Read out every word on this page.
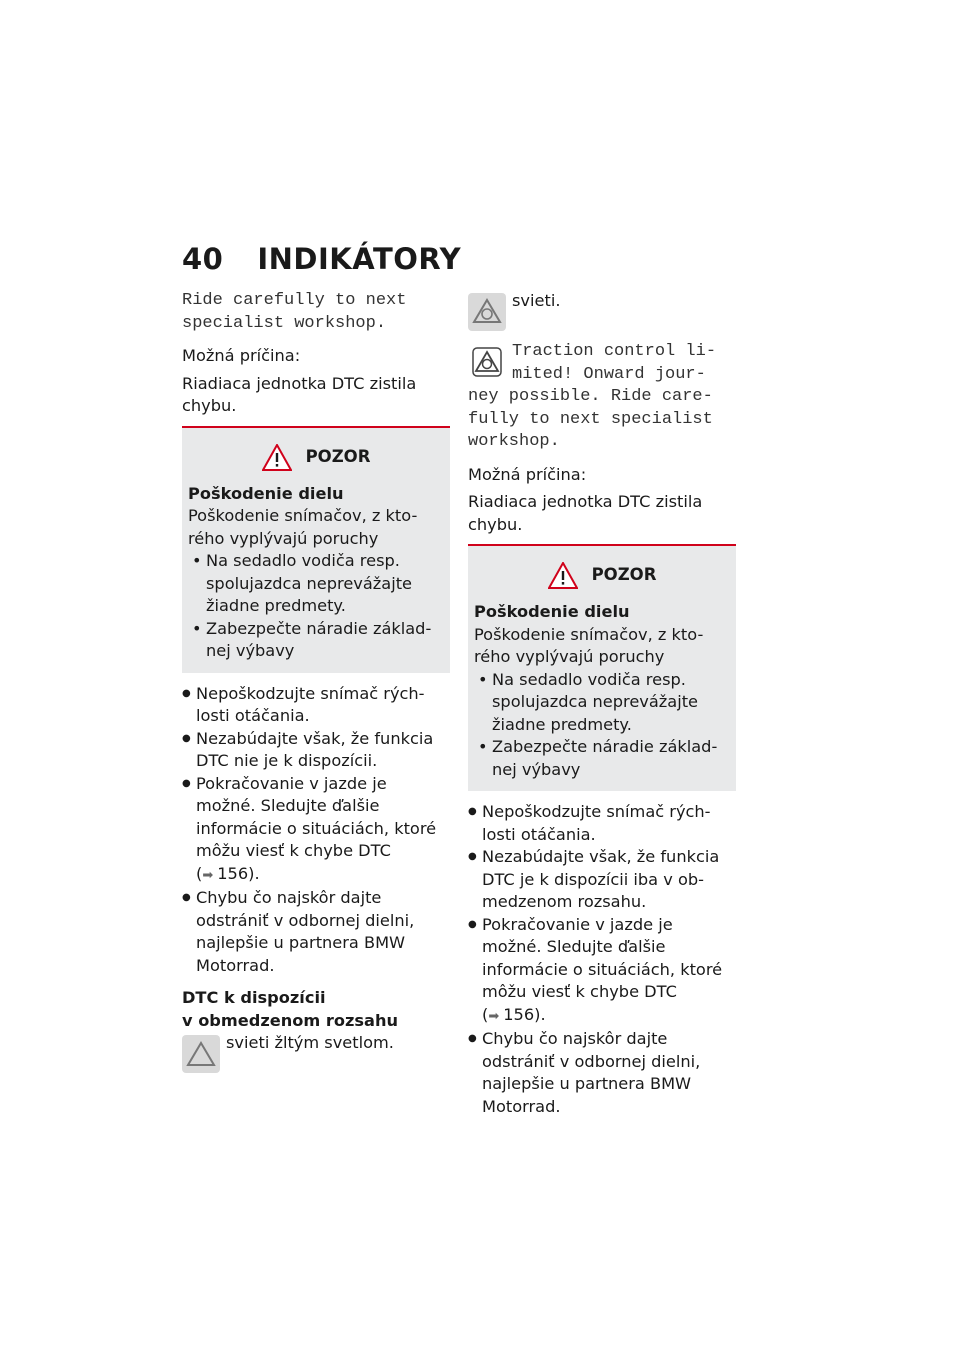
40 INDIKÁTORY

Ride carefully to next specialist workshop.

Možná príčina:

Riadiaca jednotka DTC zistila chybu.

POZOR

Poškodenie dielu

Poškodenie snímačov, z kto-rého vyplývajú poruchy

• Na sedadlo vodiča resp. spolujazdca neprevážajte žiadne predmety.
• Zabezpečte náradie základ-nej výbavy
● Nepoškodzujte snímač rých-losti otáčania.
● Nezabúdajte však, že funkcia DTC nie je k dispozícii.
● Pokračovanie v jazde je možné. Sledujte ďalšie informácie o situáciách, ktoré môžu viesť k chybe DTC
(➡ 156).
● Chybu čo najskôr dajte odstrániť v odbornej dielni, najlepšie u partnera BMW Motorrad.

DTC k dispozícii
v obmedzenom rozsahu

svieti žltým svetlom.
svieti.

Traction control li-mited! Onward jour-ney possible. Ride care-fully to next specialist workshop.

Možná príčina:

Riadiaca jednotka DTC zistila chybu.

POZOR

Poškodenie dielu

Poškodenie snímačov, z kto-rého vyplývajú poruchy

• Na sedadlo vodiča resp. spolujazdca neprevážajte žiadne predmety.
• Zabezpečte náradie základ-nej výbavy
● Nepoškodzujte snímač rých-losti otáčania.
● Nezabúdajte však, že funkcia DTC je k dispozícii iba v ob-medzenom rozsahu.
● Pokračovanie v jazde je možné. Sledujte ďalšie informácie o situáciách, ktoré môžu viesť k chybe DTC
(➡ 156).
● Chybu čo najskôr dajte odstrániť v odbornej dielni, najlepšie u partnera BMW Motorrad.
